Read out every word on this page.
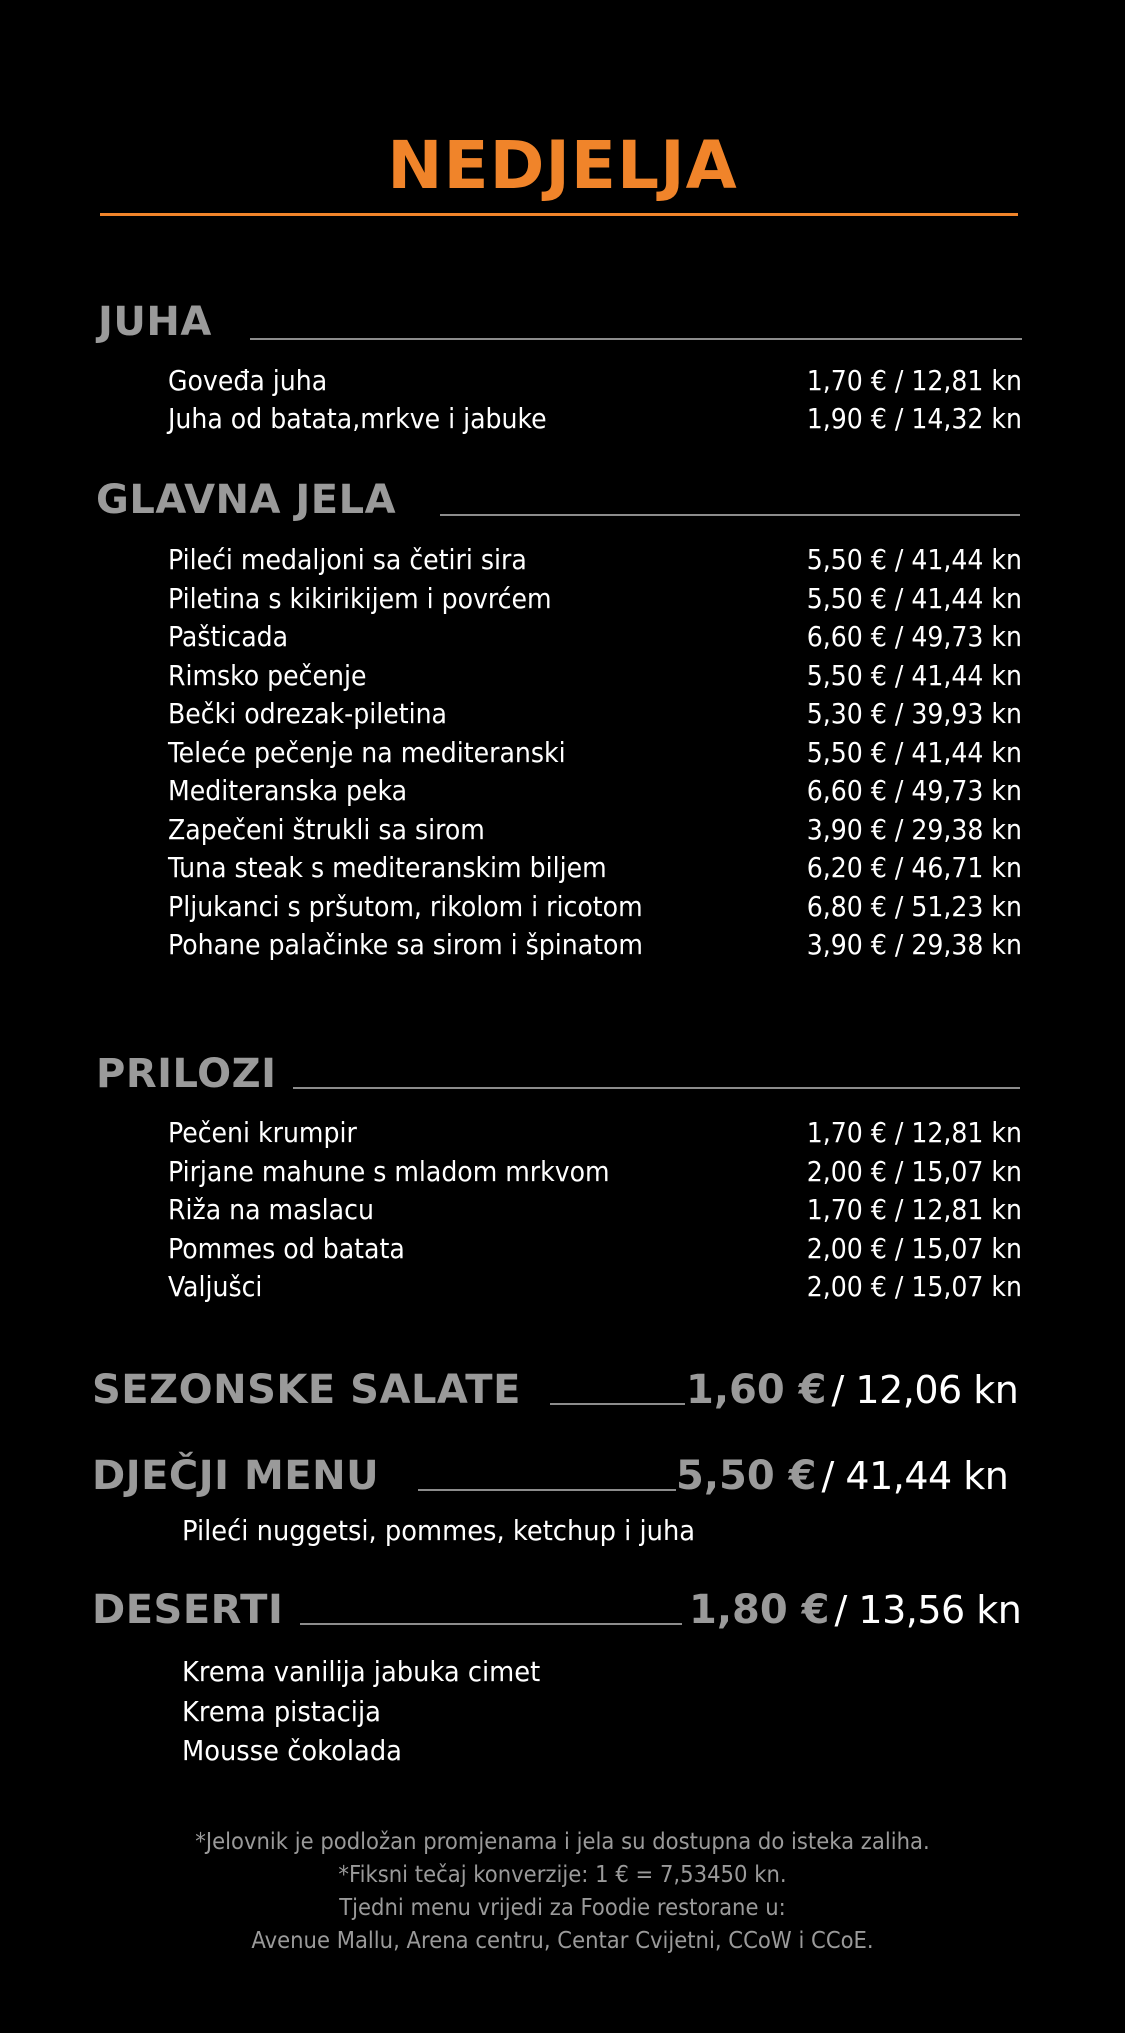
NEDJELJA
JUHA
Goveđa juha	1,70 € / 12,81 kn
Juha od batata,mrkve i jabuke	1,90 € / 14,32 kn
GLAVNA JELA
Pileći medaljoni sa četiri sira	5,50 € / 41,44 kn
Piletina s kikirikijem i povrćem	5,50 € / 41,44 kn
Pašticada	6,60 € / 49,73 kn
Rimsko pečenje	5,50 € / 41,44 kn
Bečki odrezak-piletina	5,30 € / 39,93 kn
Teleće pečenje na mediteranski	5,50 € / 41,44 kn
Mediteranska peka	6,60 € / 49,73 kn
Zapečeni štrukli sa sirom	3,90 € / 29,38 kn
Tuna steak s mediteranskim biljem	6,20 € / 46,71 kn
Pljukanci s pršutom, rikolom i ricotom	6,80 € / 51,23 kn
Pohane palačinke sa sirom i špinatom	3,90 € / 29,38 kn
PRILOZI
Pečeni krumpir	1,70 € / 12,81 kn
Pirjane mahune s mladom mrkvom	2,00 € / 15,07 kn
Riža na maslacu	1,70 € / 12,81 kn
Pommes od batata	2,00 € / 15,07 kn
Valjušci	2,00 € / 15,07 kn
SEZONSKE SALATE	1,60 € / 12,06 kn
DJEČJI MENU	5,50 € / 41,44 kn
Pileći nuggetsi, pommes, ketchup i juha
DESERTI	1,80 € / 13,56 kn
Krema vanilija jabuka cimet
Krema pistacija
Mousse čokolada
*Jelovnik je podložan promjenama i jela su dostupna do isteka zaliha.
*Fiksni tečaj konverzije: 1 € = 7,53450 kn.
Tjedni menu vrijedi za Foodie restorane u:
Avenue Mallu, Arena centru, Centar Cvijetni, CCoW i CCoE.
